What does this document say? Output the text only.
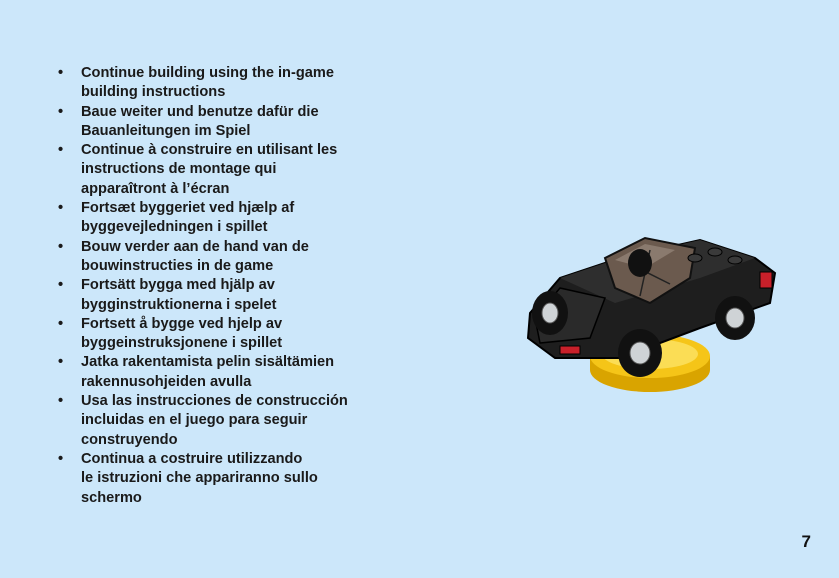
• Continue building using the in-game
building instructions
• Baue weiter und benutze dafür die
Bauanleitungen im Spiel
• Continue à construire en utilisant les
instructions de montage qui
apparaîtront à l’écran
• Fortsæt byggeriet ved hjælp af
byggevejledningen i spillet
• Bouw verder aan de hand van de
bouwinstructies in de game
• Fortsätt bygga med hjälp av
bygginstruktionerna i spelet
• Fortsett å bygge ved hjelp av
byggeinstruksjonene i spillet
• Jatka rakentamista pelin sisältämien
rakennusohjeiden avulla
• Usa las instrucciones de construcción
incluidas en el juego para seguir
construyendo
• Continua a costruire utilizzando
le istruzioni che appariranno sullo
schermo
7
